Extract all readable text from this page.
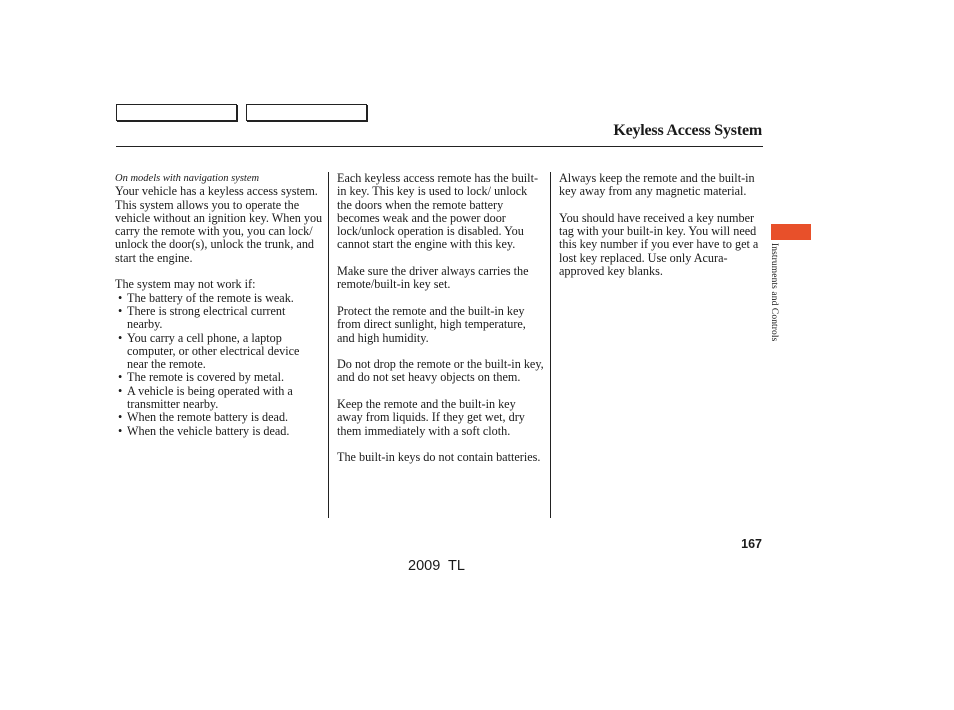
Keyless Access System
On models with navigation system

Your vehicle has a keyless access system. This system allows you to operate the vehicle without an ignition key. When you carry the remote with you, you can lock/ unlock the door(s), unlock the trunk, and start the engine.

The system may not work if:
• The battery of the remote is weak.
• There is strong electrical current nearby.
• You carry a cell phone, a laptop computer, or other electrical device near the remote.
• The remote is covered by metal.
• A vehicle is being operated with a transmitter nearby.
• When the remote battery is dead.
• When the vehicle battery is dead.

Each keyless access remote has the built-in key. This key is used to lock/ unlock the doors when the remote battery becomes weak and the power door lock/unlock operation is disabled. You cannot start the engine with this key.

Make sure the driver always carries the remote/built-in key set.

Protect the remote and the built-in key from direct sunlight, high temperature, and high humidity.

Do not drop the remote or the built-in key, and do not set heavy objects on them.

Keep the remote and the built-in key away from liquids. If they get wet, dry them immediately with a soft cloth.

The built-in keys do not contain batteries.

Always keep the remote and the built-in key away from any magnetic material.

You should have received a key number tag with your built-in key. You will need this key number if you ever have to get a lost key replaced. Use only Acura-approved key blanks.	Instruments and Controls
167
2009  TL
